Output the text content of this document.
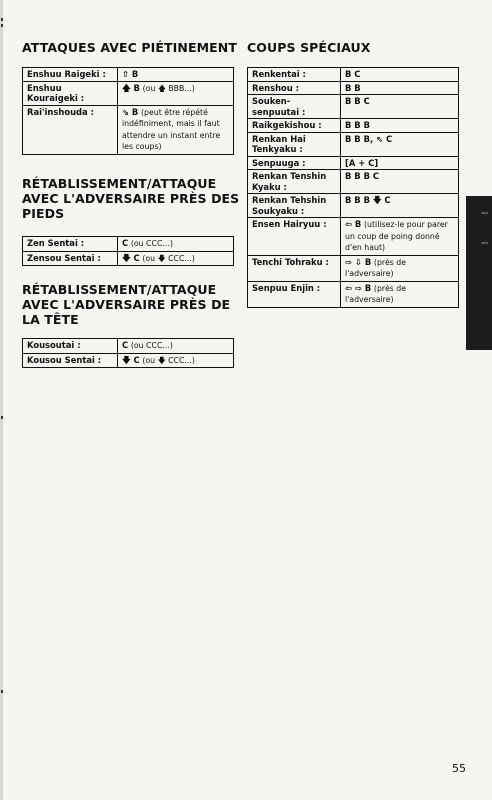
ATTAQUES AVEC PIÉTINEMENT
Enshuu Raigeki :	⇧ B
Enshuu Kouraigeki :	🡅 B (ou 🡅 BBB...)
Rai'inshouda :	⇘ B (peut être répété indéfiniment, mais il faut attendre un instant entre les coups)
RÉTABLISSEMENT/ATTAQUE AVEC L'ADVERSAIRE PRÈS DES PIEDS
Zen Sentai :	C (ou CCC...)
Zensou Sentai :	🡇 C (ou 🡇 CCC...)
RÉTABLISSEMENT/ATTAQUE AVEC L'ADVERSAIRE PRÈS DE LA TÊTE
Kousoutai :	C (ou CCC...)
Kousou Sentai :	🡇 C (ou 🡇 CCC...)
COUPS SPÉCIAUX
Renkentai :	B C
Renshou :	B B
Souken-senpuutai :	B B C
Raikgekishou :	B B B
Renkan Hai Tenkyaku :	B B B, ⇖ C
Senpuuga :	[A + C]
Renkan Tenshin Kyaku :	B B B C
Renkan Tehshin Soukyaku :	B B B 🡇 C
Ensen Hairyuu :	⇦ B (utilisez-le pour parer un coup de poing donné d'en haut)
Tenchi Tohraku :	⇨ ⇩ B (près de l'adversaire)
Senpuu Enjin :	⇦ ⇨ B (près de l'adversaire)
55
